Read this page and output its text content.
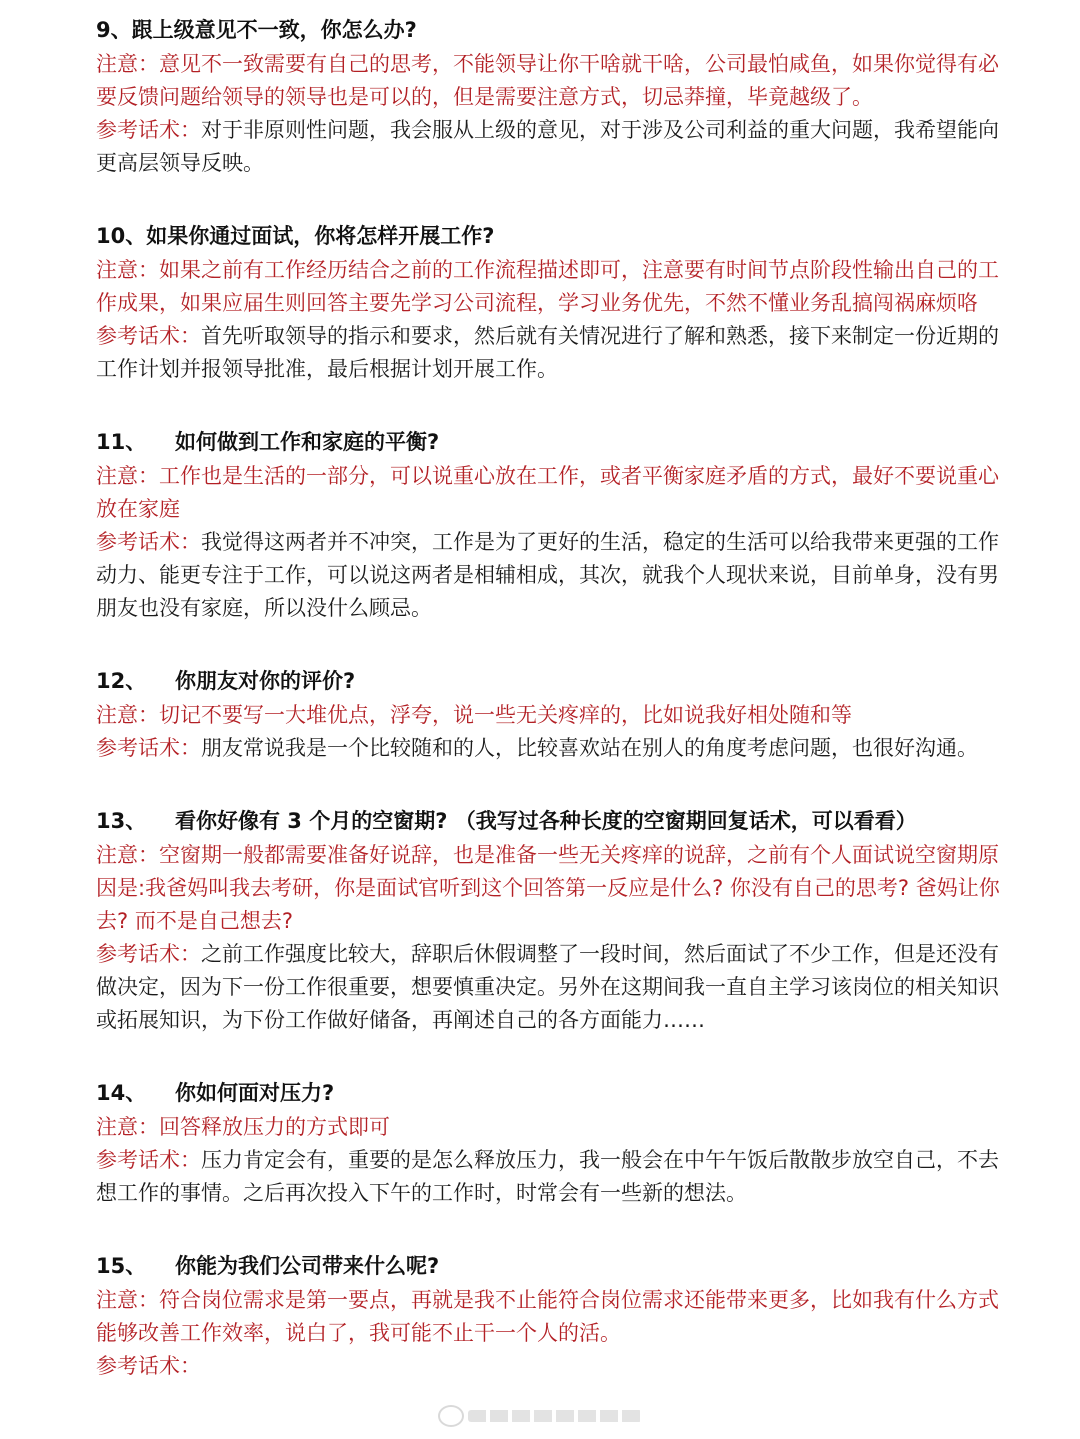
9、跟上级意见不一致，你怎么办?
注意：意见不一致需要有自己的思考，不能领导让你干啥就干啥，公司最怕咸鱼，如果你觉得有必要反馈问题给领导的领导也是可以的，但是需要注意方式，切忌莽撞，毕竟越级了。
参考话术：对于非原则性问题，我会服从上级的意见，对于涉及公司利益的重大问题，我希望能向更高层领导反映。
10、如果你通过面试，你将怎样开展工作?
注意：如果之前有工作经历结合之前的工作流程描述即可，注意要有时间节点阶段性输出自己的工作成果，如果应届生则回答主要先学习公司流程，学习业务优先，不然不懂业务乱搞闯祸麻烦咯
参考话术：首先听取领导的指示和要求，然后就有关情况进行了解和熟悉，接下来制定一份近期的工作计划并报领导批准，最后根据计划开展工作。
11、 如何做到工作和家庭的平衡?
注意：工作也是生活的一部分，可以说重心放在工作，或者平衡家庭矛盾的方式，最好不要说重心放在家庭
参考话术：我觉得这两者并不冲突，工作是为了更好的生活，稳定的生活可以给我带来更强的工作动力、能更专注于工作，可以说这两者是相辅相成，其次，就我个人现状来说，目前单身，没有男朋友也没有家庭，所以没什么顾忌。
12、 你朋友对你的评价?
注意：切记不要写一大堆优点，浮夸，说一些无关疼痒的，比如说我好相处随和等
参考话术：朋友常说我是一个比较随和的人，比较喜欢站在别人的角度考虑问题，也很好沟通。
13、 看你好像有 3 个月的空窗期? （我写过各种长度的空窗期回复话术，可以看看）
注意：空窗期一般都需要准备好说辞，也是准备一些无关疼痒的说辞，之前有个人面试说空窗期原因是:我爸妈叫我去考研，你是面试官听到这个回答第一反应是什么? 你没有自己的思考? 爸妈让你去? 而不是自己想去?
参考话术：之前工作强度比较大，辞职后休假调整了一段时间，然后面试了不少工作，但是还没有做决定，因为下一份工作很重要，想要慎重决定。另外在这期间我一直自主学习该岗位的相关知识或拓展知识，为下份工作做好储备，再阐述自己的各方面能力……
14、 你如何面对压力?
注意：回答释放压力的方式即可
参考话术：压力肯定会有，重要的是怎么释放压力，我一般会在中午午饭后散散步放空自己，不去想工作的事情。之后再次投入下午的工作时，时常会有一些新的想法。
15、 你能为我们公司带来什么呢?
注意：符合岗位需求是第一要点，再就是我不止能符合岗位需求还能带来更多，比如我有什么方式能够改善工作效率，说白了，我可能不止干一个人的活。
参考话术：
